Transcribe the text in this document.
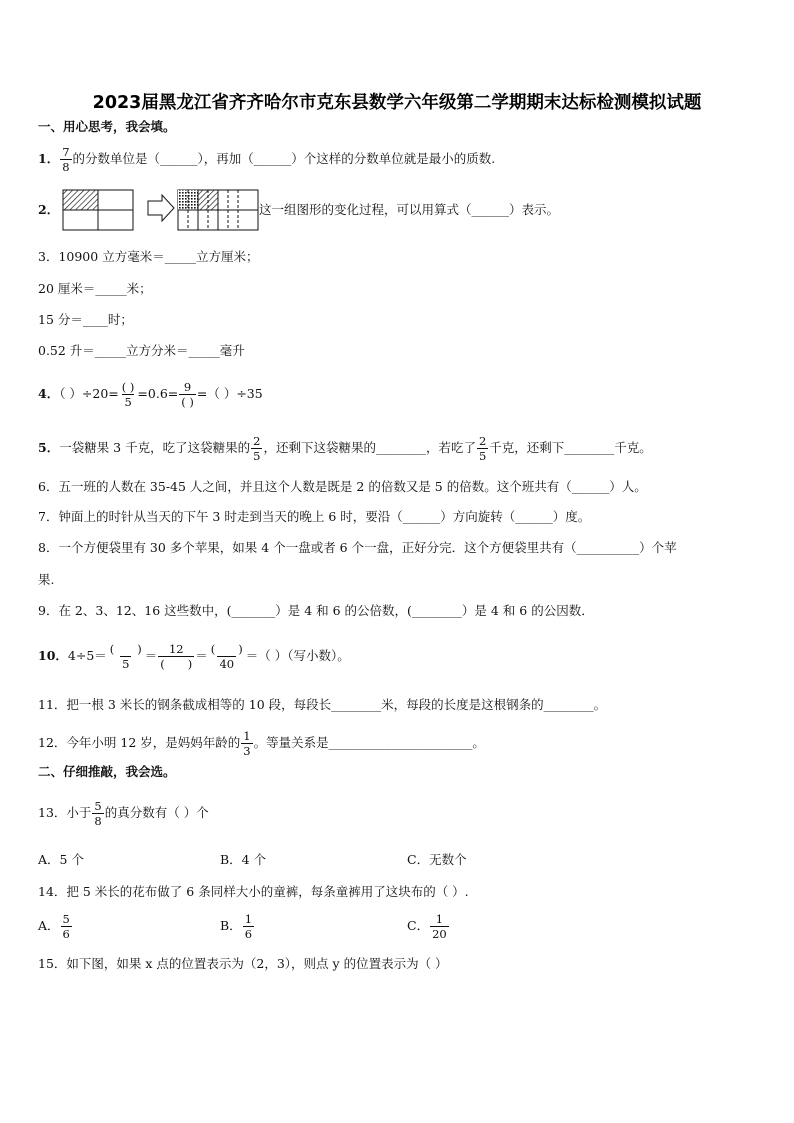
2023届黑龙江省齐齐哈尔市克东县数学六年级第二学期期末达标检测模拟试题
一、用心思考，我会填。
1． $\frac{7}{8}$ 的分数单位是（______），再加（______）个这样的分数单位就是最小的质数.
2．	这一组图形的变化过程，可以用算式（______）表示。
3．10900 立方毫米＝_____立方厘米；
20 厘米＝_____米；
15 分＝____时；
0.52 升＝_____立方分米＝_____毫升
4．（ ）$\div 20= \frac{( )}{5} =0.6= \frac{9}{( )}$ =（ ）÷35
5．一袋糖果 3 千克，吃了这袋糖果的 $\frac{2}{5}$ ，还剩下这袋糖果的________，若吃了 $\frac{2}{5}$ 千克，还剩下________千克。
6．五一班的人数在 35-45 人之间，并且这个人数是既是 2 的倍数又是 5 的倍数。这个班共有（______）人。
7．钟面上的时针从当天的下午 3 时走到当天的晚上 6 时，要沿（______）方向旋转（______）度。
8．一个方便袋里有 30 多个苹果，如果 4 个一盘或者 6 个一盘，正好分完．这个方便袋里共有（__________）个苹
果.
9．在 2、3、12、16 这些数中，(_______）是 4 和 6 的公倍数，(________）是 4 和 6 的公因数．
10．$4\div 5= \frac{( )}{5} = \frac{12}{( )} = \frac{( )}{40}$ ＝（ ）（写小数）。
11．把一根 3 米长的钢条截成相等的 10 段，每段长________米，每段的长度是这根钢条的________。
12．今年小明 12 岁，是妈妈年龄的 $\frac{1}{3}$ 。等量关系是_______________________。
二、仔细推敲，我会选。
13．小于 $\frac{5}{8}$ 的真分数有（ ）个
A．5 个	B．4 个	C．无数个
14．把 5 米长的花布做了 6 条同样大小的童裤，每条童裤用了这块布的（ ）.
A． $\frac{5}{6}$	B． $\frac{1}{6}$	C． $\frac{1}{20}$
15．如下图，如果 x 点的位置表示为（2，3），则点 y 的位置表示为（ ）
